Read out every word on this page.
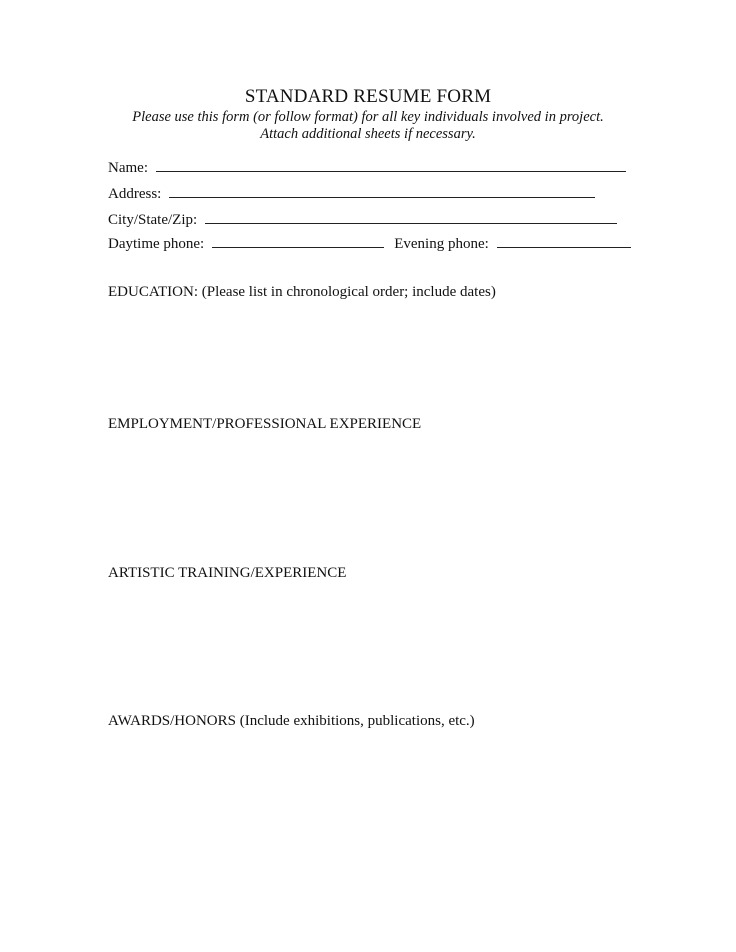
STANDARD RESUME FORM
Please use this form (or follow format) for all key individuals involved in project.
Attach additional sheets if necessary.
Name:
Address:
City/State/Zip:
Daytime phone:	Evening phone:
EDUCATION: (Please list in chronological order; include dates)
EMPLOYMENT/PROFESSIONAL EXPERIENCE
ARTISTIC TRAINING/EXPERIENCE
AWARDS/HONORS (Include exhibitions, publications, etc.)
